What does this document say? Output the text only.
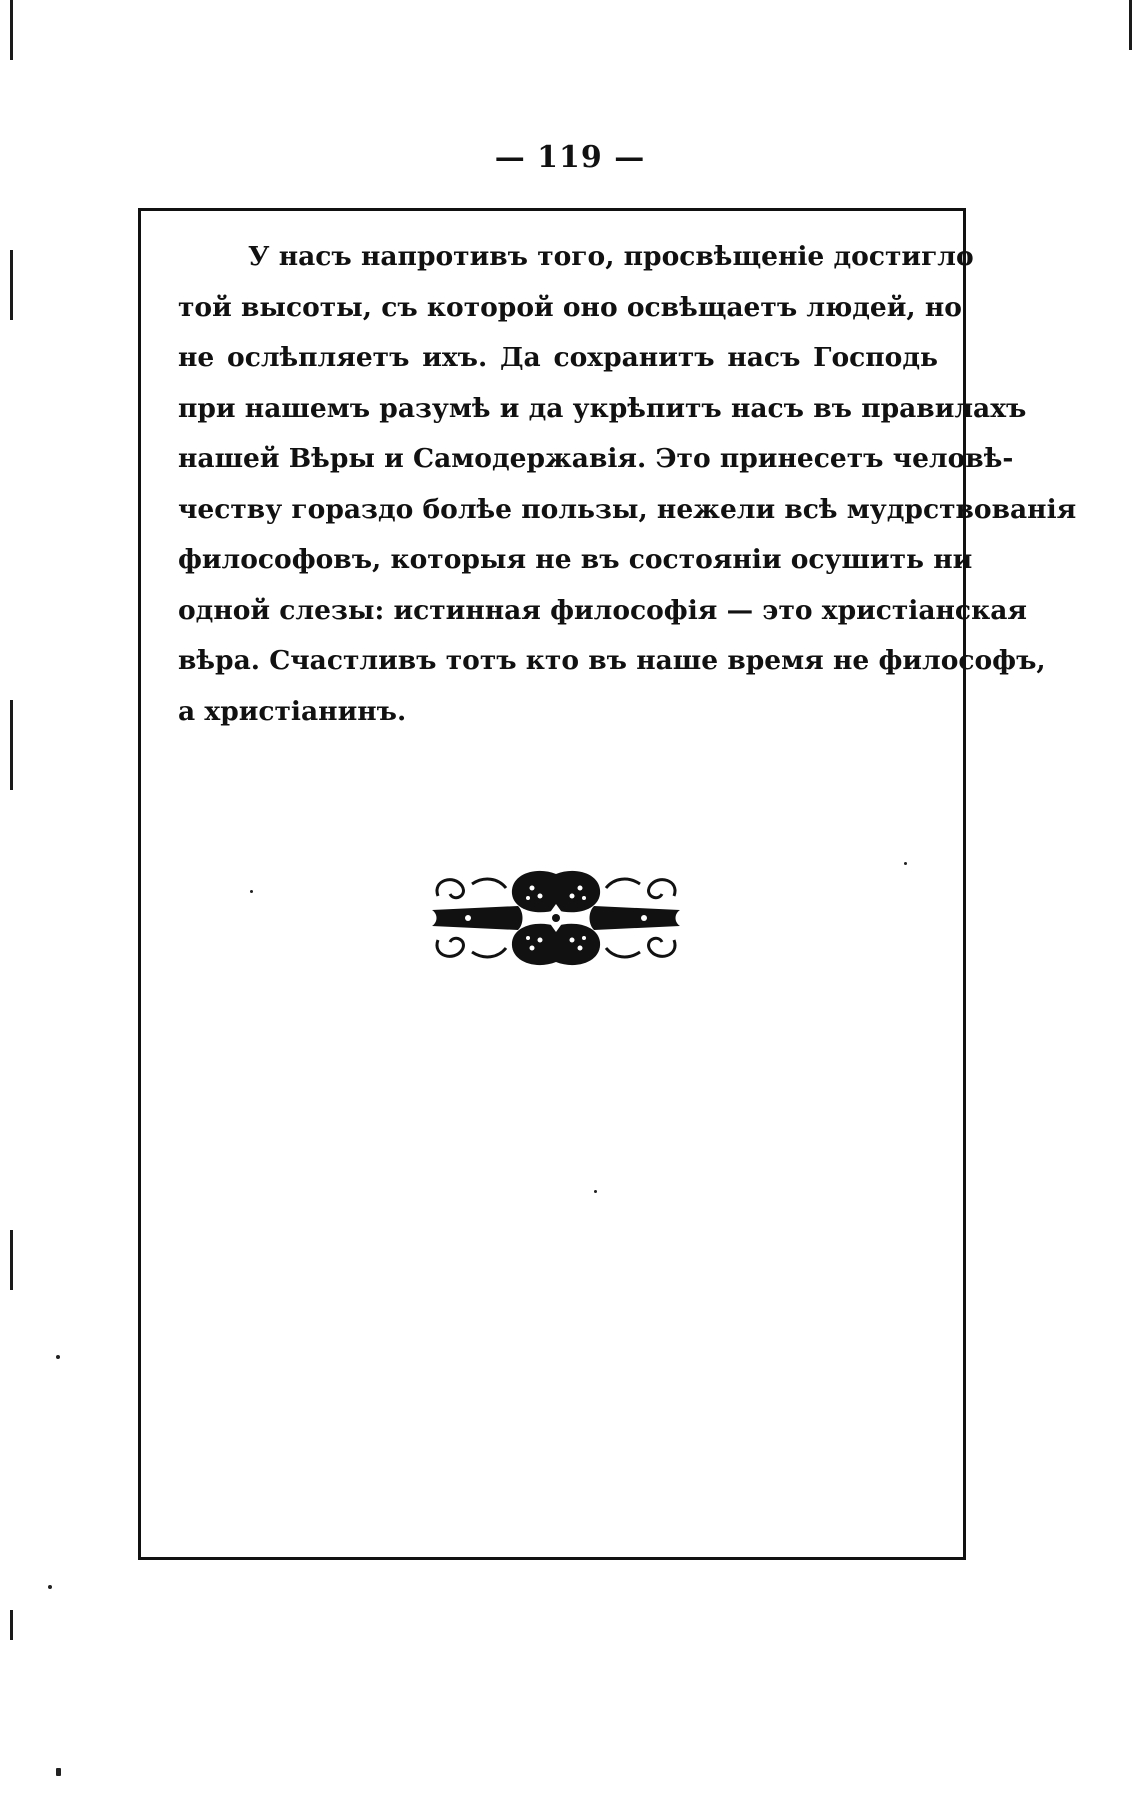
— 119 —
У насъ напротивъ того, просвѣщеніе достигло
той высоты, съ которой оно освѣщаетъ людей, но
не ослѣпляетъ ихъ. Да сохранитъ насъ Господь
при нашемъ разумѣ и да укрѣпитъ насъ въ правилахъ
нашей Вѣры и Самодержавія. Это принесетъ человѣ-
честву гораздо болѣе пользы, нежели всѣ мудрствованія
философовъ, которыя не въ состояніи осушить ни
одной слезы: истинная философія — это христіанская
вѣра. Счастливъ тотъ кто въ наше время не философъ,
а христіанинъ.
